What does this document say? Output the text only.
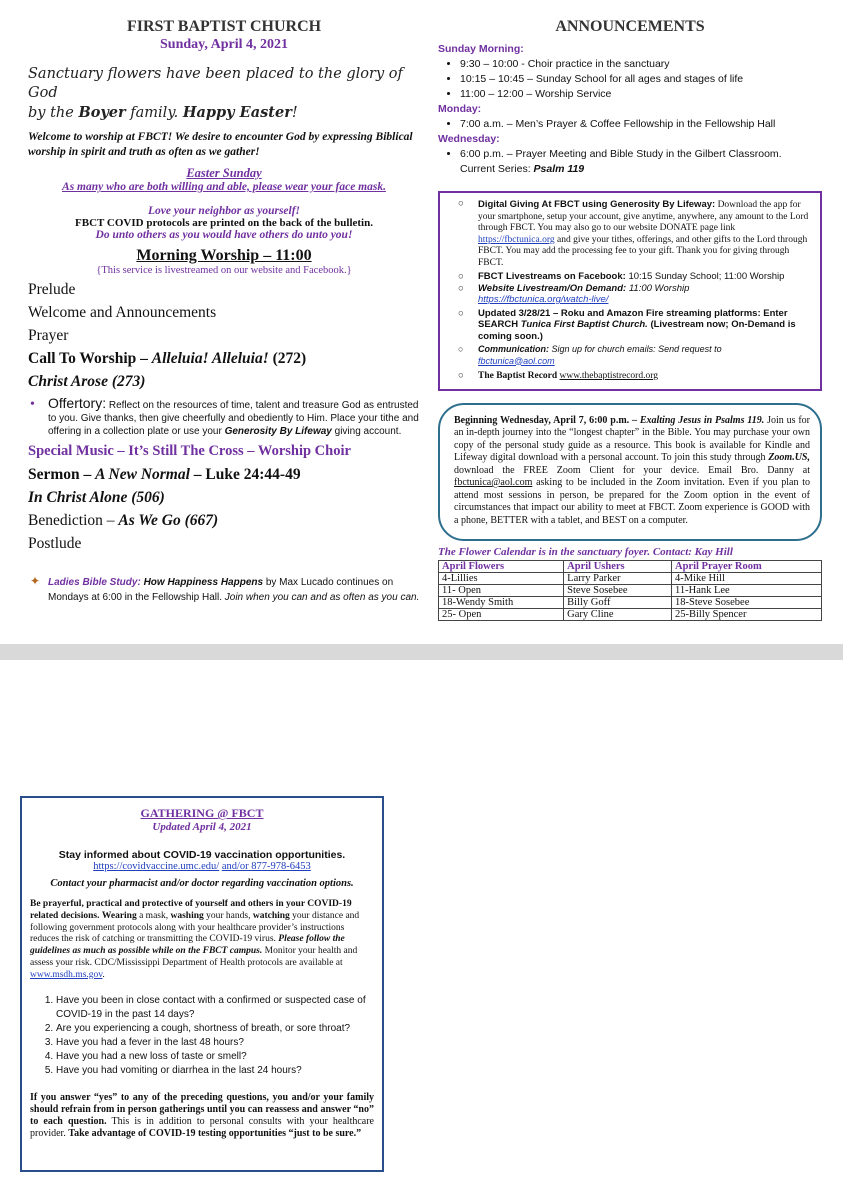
FIRST BAPTIST CHURCH
Sunday, April 4, 2021
Sanctuary flowers have been placed to the glory of God
by the Boyer family. Happy Easter!
Welcome to worship at FBCT! We desire to encounter God by expressing Biblical worship in spirit and truth as often as we gather!
Easter Sunday
As many who are both willing and able, please wear your face mask.
Love your neighbor as yourself!
FBCT COVID protocols are printed on the back of the bulletin.
Do unto others as you would have others do unto you!
Morning Worship – 11:00
{This service is livestreamed on our website and Facebook.}
Prelude
Welcome and Announcements
Prayer
Call To Worship – Alleluia! Alleluia! (272)
Christ Arose (273)
• Offertory: Reflect on the resources of time, talent and treasure God as entrusted to you. Give thanks, then give cheerfully and obediently to Him. Place your tithe and offering in a collection plate or use your Generosity By Lifeway giving account.
Special Music – It’s Still The Cross – Worship Choir
Sermon – A New Normal – Luke 24:44-49
In Christ Alone (506)
Benediction – As We Go (667)
Postlude
✦ Ladies Bible Study: How Happiness Happens by Max Lucado continues on Mondays at 6:00 in the Fellowship Hall. Join when you can and as often as you can.
ANNOUNCEMENTS
Sunday Morning:
• 9:30 – 10:00 - Choir practice in the sanctuary
• 10:15 – 10:45 – Sunday School for all ages and stages of life
• 11:00 – 12:00 – Worship Service
Monday:
• 7:00 a.m. – Men’s Prayer & Coffee Fellowship in the Fellowship Hall
Wednesday:
• 6:00 p.m. – Prayer Meeting and Bible Study in the Gilbert Classroom.
Current Series: Psalm 119
○ Digital Giving At FBCT using Generosity By Lifeway: Download the app for your smartphone, setup your account, give anytime, anywhere, any amount to the Lord through FBCT. You may also go to our website DONATE page link https://fbctunica.org and give your tithes, offerings, and other gifts to the Lord through FBCT. You may add the processing fee to your gift. Thank you for giving through FBCT.
○ FBCT Livestreams on Facebook: 10:15 Sunday School; 11:00 Worship
○ Website Livestream/On Demand: 11:00 Worship
https://fbctunica.org/watch-live/
○ Updated 3/28/21 – Roku and Amazon Fire streaming platforms: Enter SEARCH Tunica First Baptist Church. (Livestream now; On-Demand is coming soon.)
○ Communication: Sign up for church emails: Send request to
fbctunica@aol.com
○ The Baptist Record www.thebaptistrecord.org
Beginning Wednesday, April 7, 6:00 p.m. – Exalting Jesus in Psalms 119. Join us for an in-depth journey into the “longest chapter” in the Bible. You may purchase your own copy of the personal study guide as a resource. This book is available for Kindle and Lifeway digital download with a personal account. To join this study through Zoom.US, download the FREE Zoom Client for your device. Email Bro. Danny at fbctunica@aol.com asking to be included in the Zoom invitation. Even if you plan to attend most sessions in person, be prepared for the Zoom option in the event of circumstances that impact our ability to meet at FBCT. Zoom experience is GOOD with a phone, BETTER with a tablet, and BEST on a computer.
The Flower Calendar is in the sanctuary foyer. Contact: Kay Hill
April Flowers	April Ushers	April Prayer Room
4-Lillies	Larry Parker	4-Mike Hill
11- Open	Steve Sosebee	11-Hank Lee
18-Wendy Smith	Billy Goff	18-Steve Sosebee
25- Open	Gary Cline	25-Billy Spencer
GATHERING @ FBCT
Updated April 4, 2021
Stay informed about COVID-19 vaccination opportunities.
https://covidvaccine.umc.edu/ and/or 877-978-6453
Contact your pharmacist and/or doctor regarding vaccination options.
Be prayerful, practical and protective of yourself and others in your COVID-19 related decisions. Wearing a mask, washing your hands, watching your distance and following government protocols along with your healthcare provider’s instructions reduces the risk of catching or transmitting the COVID-19 virus. Please follow the guidelines as much as possible while on the FBCT campus. Monitor your health and assess your risk. CDC/Mississippi Department of Health protocols are available at www.msdh.ms.gov.
1. Have you been in close contact with a confirmed or suspected case of COVID-19 in the past 14 days?
2. Are you experiencing a cough, shortness of breath, or sore throat?
3. Have you had a fever in the last 48 hours?
4. Have you had a new loss of taste or smell?
5. Have you had vomiting or diarrhea in the last 24 hours?
If you answer “yes” to any of the preceding questions, you and/or your family should refrain from in person gatherings until you can reassess and answer “no” to each question. This is in addition to personal consults with your healthcare provider. Take advantage of COVID-19 testing opportunities “just to be sure.”
